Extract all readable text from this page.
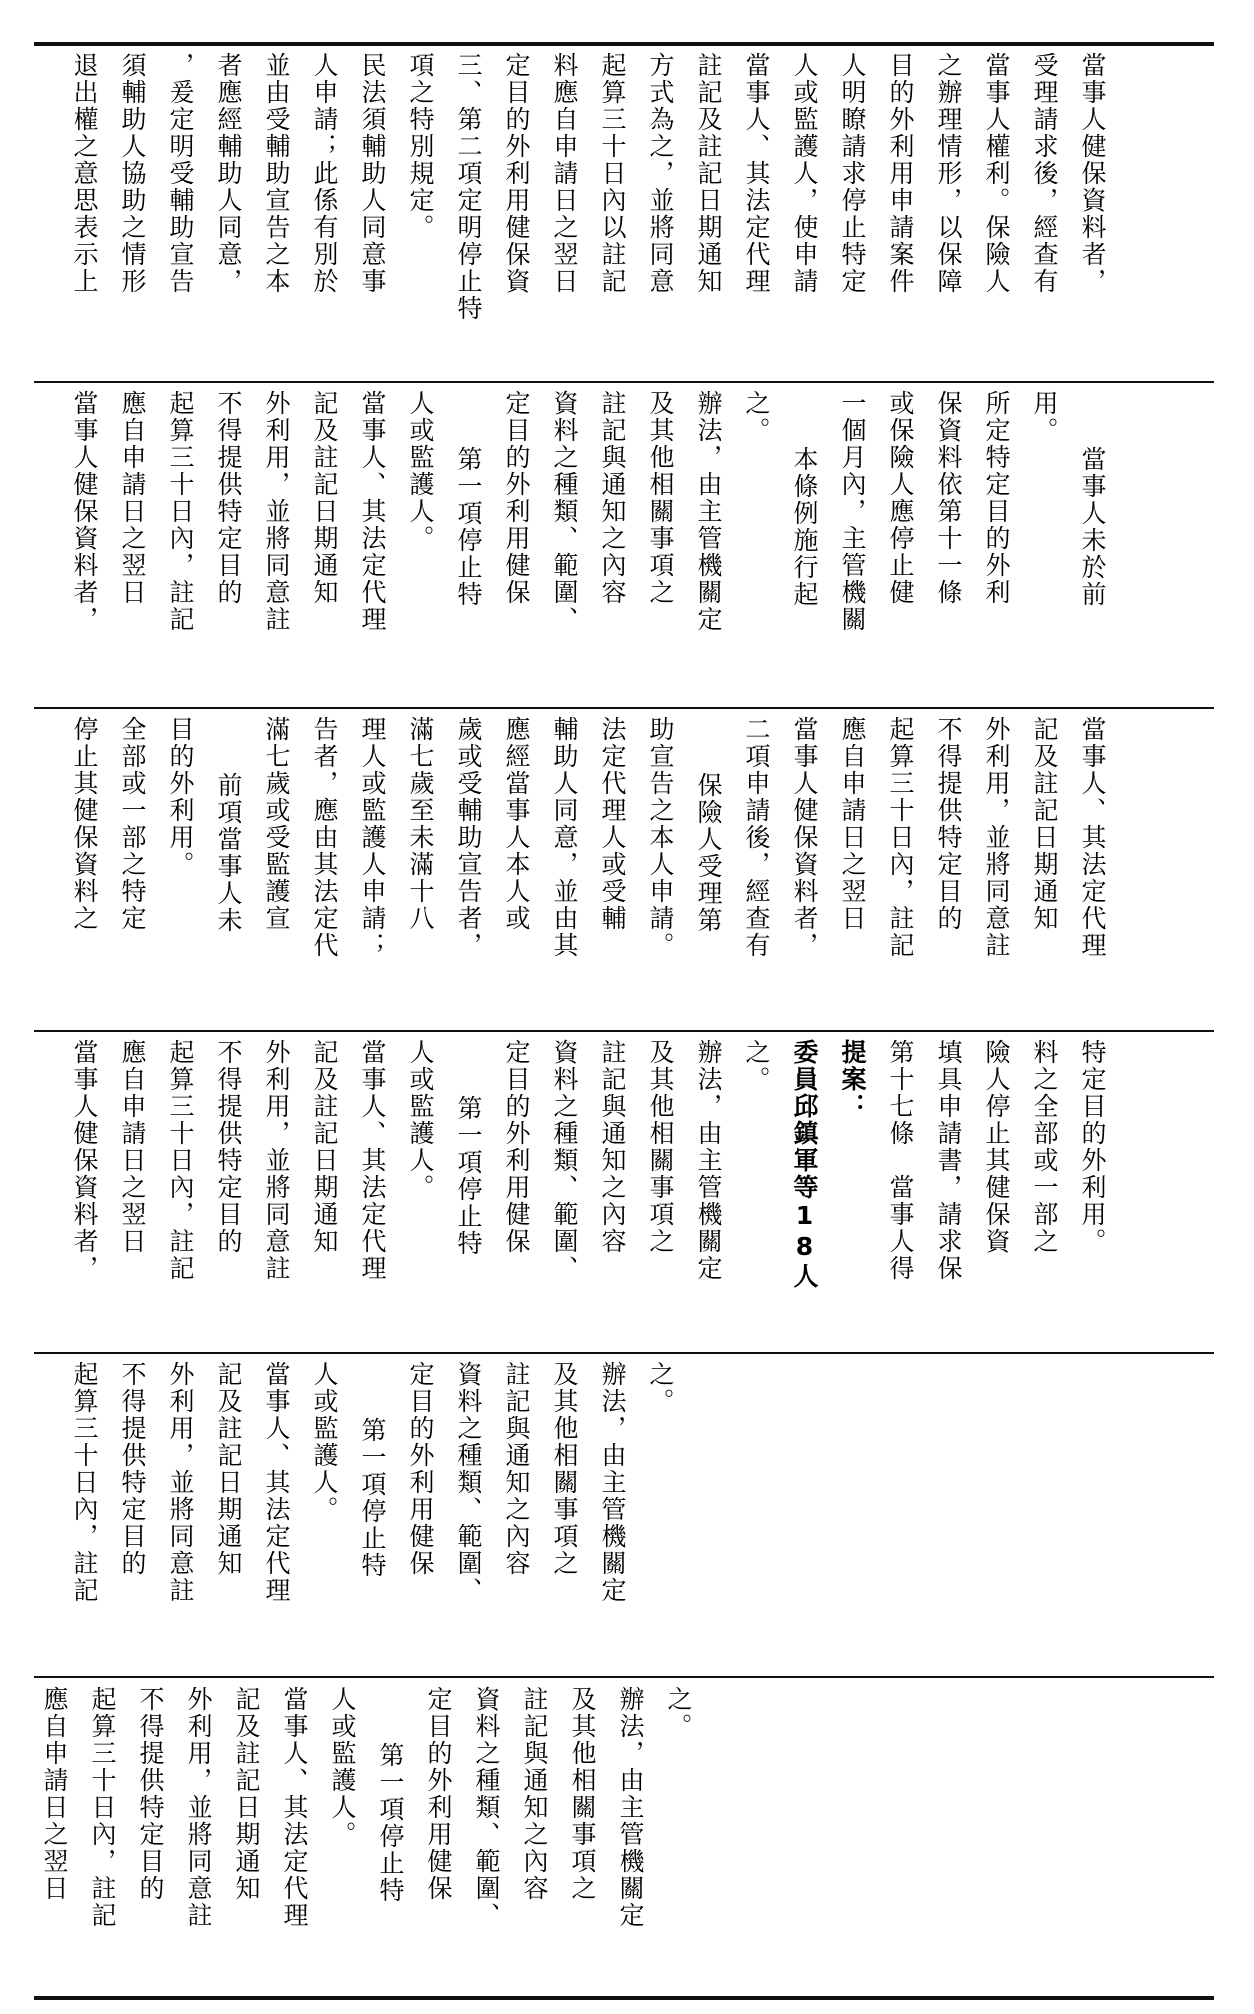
退出權之意思表示上 須輔助人協助之情形 ，爰定明受輔助宣告 者應經輔助人同意， 並由受輔助宣告之本 人申請；此係有別於 民法須輔助人同意事 項之特別規定。 三、第二項定明停止特 定目的外利用健保資 料應自申請日之翌日 起算三十日內以註記 方式為之，並將同意 註記及註記日期通知 當事人、其法定代理 人或監護人，使申請 人明瞭請求停止特定 目的外利用申請案件 之辦理情形，以保障 當事人權利。保險人 受理請求後，經查有 當事人健保資料者，
當事人健保資料者， 應自申請日之翌日 起算三十日內，註記 不得提供特定目的 外利用，並將同意註 記及註記日期通知 當事人、其法定代理 人或監護人。 第一項停止特 定目的外利用健保 資料之種類、範圍、 註記與通知之內容 及其他相關事項之 辦法，由主管機關定 之。
本條例施行起 一個月內，主管機關 或保險人應停止健 保資料依第十一條 所定特定目的外利 用。
當事人未於前
停止其健保資料之 全部或一部之特定 目的外利用。 前項當事人未 滿七歲或受監護宣 告者，應由其法定代 理人或監護人申請； 滿七歲至未滿十八 歲或受輔助宣告者， 應經當事人本人或 輔助人同意，並由其 法定代理人或受輔 助宣告之本人申請。 保險人受理第 二項申請後，經查有 當事人健保資料者， 應自申請日之翌日 起算三十日內，註記 不得提供特定目的 外利用，並將同意註 記及註記日期通知 當事人、其法定代理
當事人健保資料者， 應自申請日之翌日 起算三十日內，註記 不得提供特定目的 外利用，並將同意註 記及註記日期通知 當事人、其法定代理 人或監護人。 第一項停止特 定目的外利用健保 資料之種類、範圍、 註記與通知之內容 及其他相關事項之 辦法，由主管機關定 之。 委員邱鎮軍等18人 提案： 第十七條　當事人得 填具申請書，請求保 險人停止其健保資 料之全部或一部之 特定目的外利用。
起算三十日內，註記 不得提供特定目的 外利用，並將同意註 記及註記日期通知 當事人、其法定代理 人或監護人。 第一項停止特 定目的外利用健保 資料之種類、範圍、 註記與通知之內容 及其他相關事項之 辦法，由主管機關定 之。
應自申請日之翌日 起算三十日內，註記 不得提供特定目的 外利用，並將同意註 記及註記日期通知 當事人、其法定代理 人或監護人。 第一項停止特 定目的外利用健保 資料之種類、範圍、 註記與通知之內容 及其他相關事項之 辦法，由主管機關定 之。
